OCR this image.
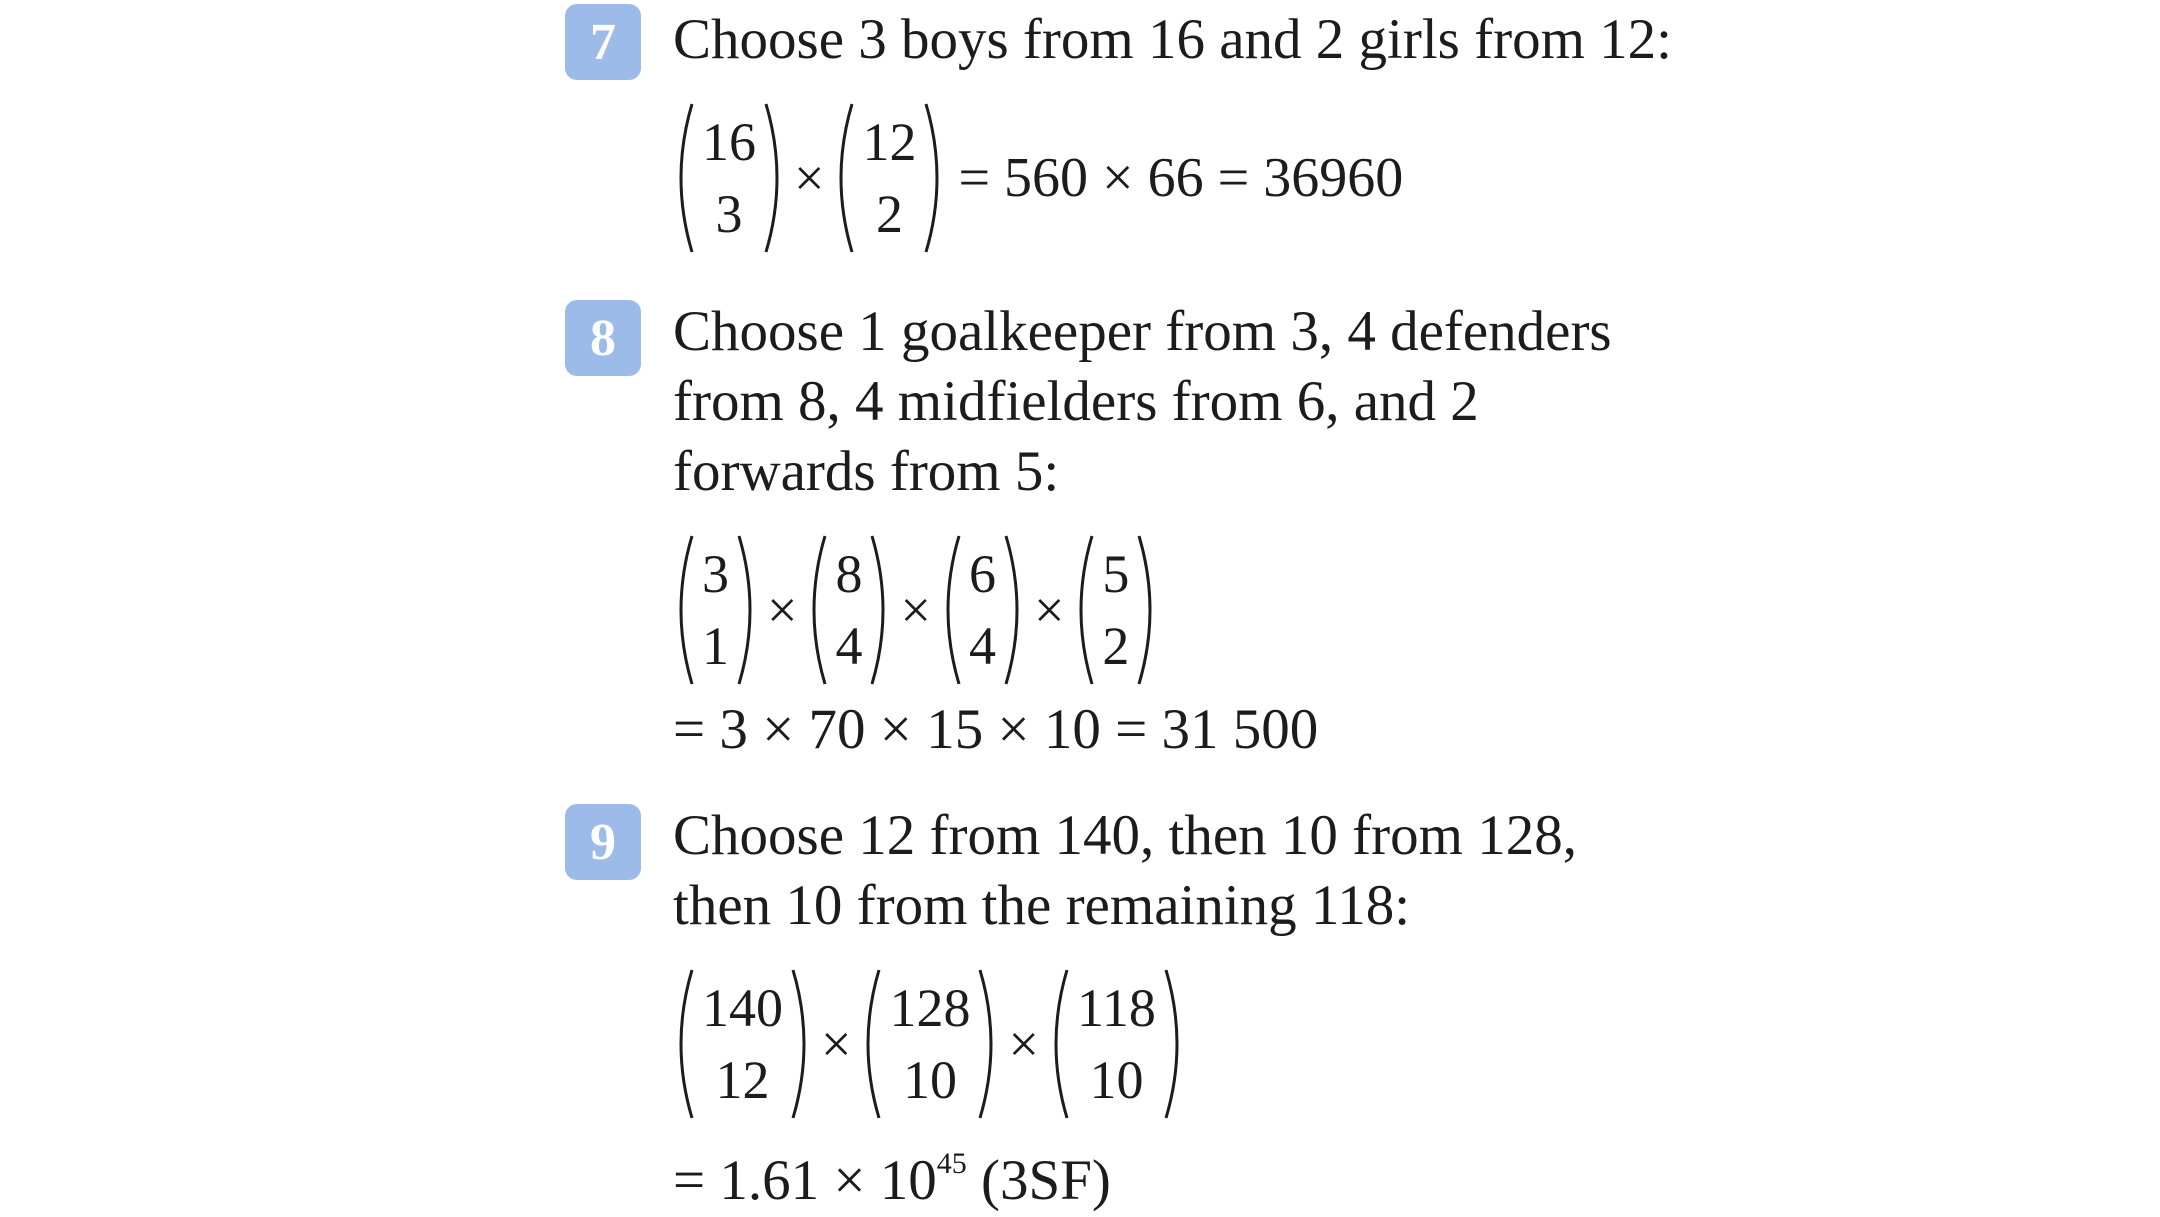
7	Choose 3 boys from 16 and 2 girls from 12:
16
3
×
12
2
= 560 × 66 = 36960
8	Choose 1 goalkeeper from 3, 4 defenders
from 8, 4 midfielders from 6, and 2
forwards from 5:
3
1
×
8
4
×
6
4
×
5
2
= 3 × 70 × 15 × 10 = 31 500
9	Choose 12 from 140, then 10 from 128,
then 10 from the remaining 118:
140
12
×
128
10
×
118
10
= $1.61 \times 10^{45}$ (3SF)
